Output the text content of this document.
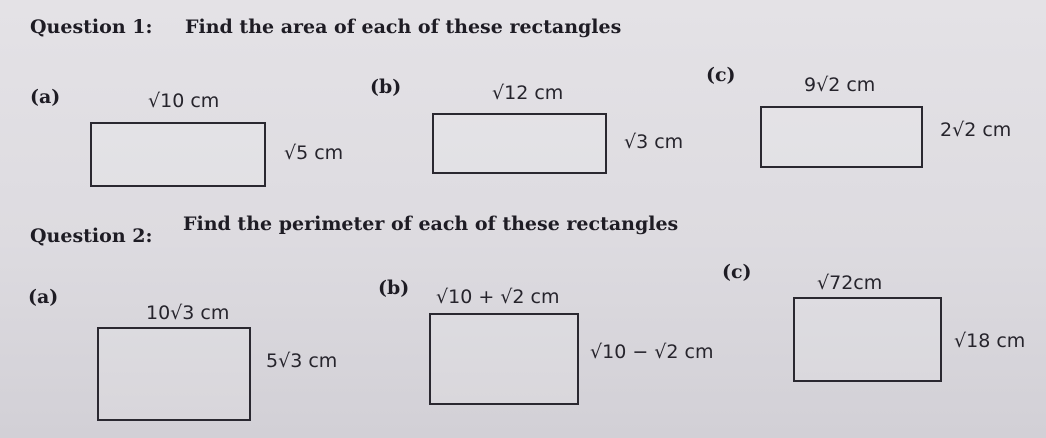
Question 1: Find the area of each of these rectangles
(a)	√10 cm
√5 cm
(b)	√12 cm
√3 cm
(c)	9√2 cm
2√2 cm
Question 2:
Find the perimeter of each of these rectangles
(a)
10√3 cm
5√3 cm
(b) √10 + √2 cm
√10 − √2 cm
(c)	√72cm
√18 cm
